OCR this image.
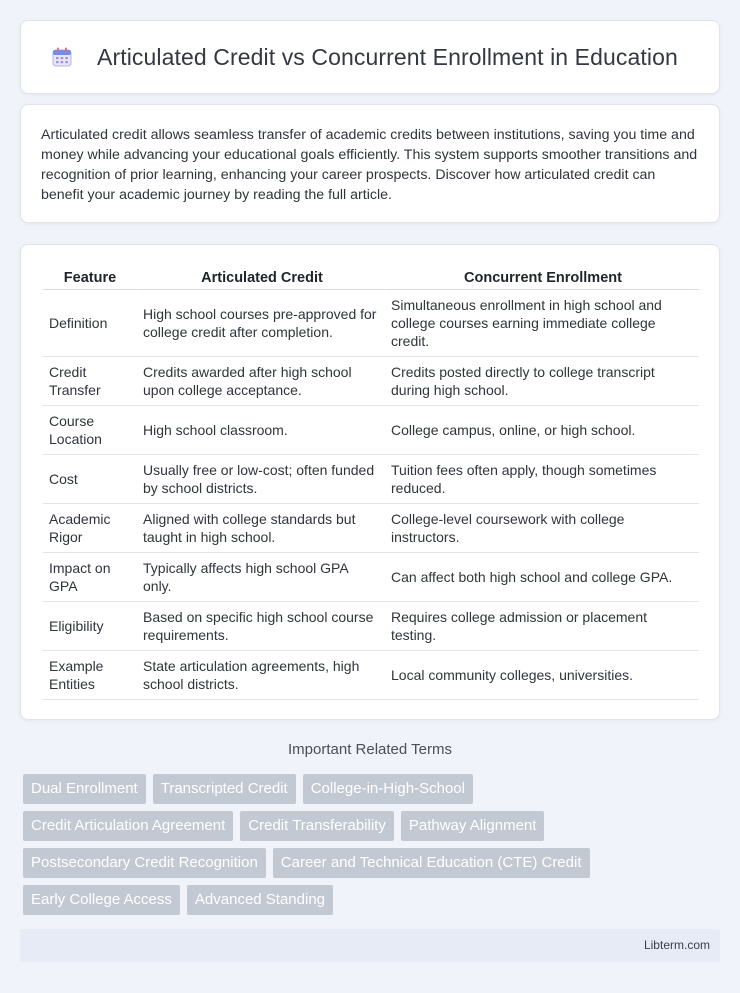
Articulated Credit vs Concurrent Enrollment in Education

Articulated credit allows seamless transfer of academic credits between institutions, saving you time and money while advancing your educational goals efficiently. This system supports smoother transitions and recognition of prior learning, enhancing your career prospects. Discover how articulated credit can benefit your academic journey by reading the full article.

Feature	Articulated Credit	Concurrent Enrollment
Definition	High school courses pre-approved for college credit after completion.	Simultaneous enrollment in high school and college courses earning immediate college credit.
Credit Transfer	Credits awarded after high school upon college acceptance.	Credits posted directly to college transcript during high school.
Course Location	High school classroom.	College campus, online, or high school.
Cost	Usually free or low-cost; often funded by school districts.	Tuition fees often apply, though sometimes reduced.
Academic Rigor	Aligned with college standards but taught in high school.	College-level coursework with college instructors.
Impact on GPA	Typically affects high school GPA only.	Can affect both high school and college GPA.
Eligibility	Based on specific high school course requirements.	Requires college admission or placement testing.
Example Entities	State articulation agreements, high school districts.	Local community colleges, universities.
Important Related Terms
Dual Enrollment	Transcripted Credit	College-in-High-School
Credit Articulation Agreement	Credit Transferability	Pathway Alignment
Postsecondary Credit Recognition	Career and Technical Education (CTE) Credit
Early College Access	Advanced Standing
Libterm.com
